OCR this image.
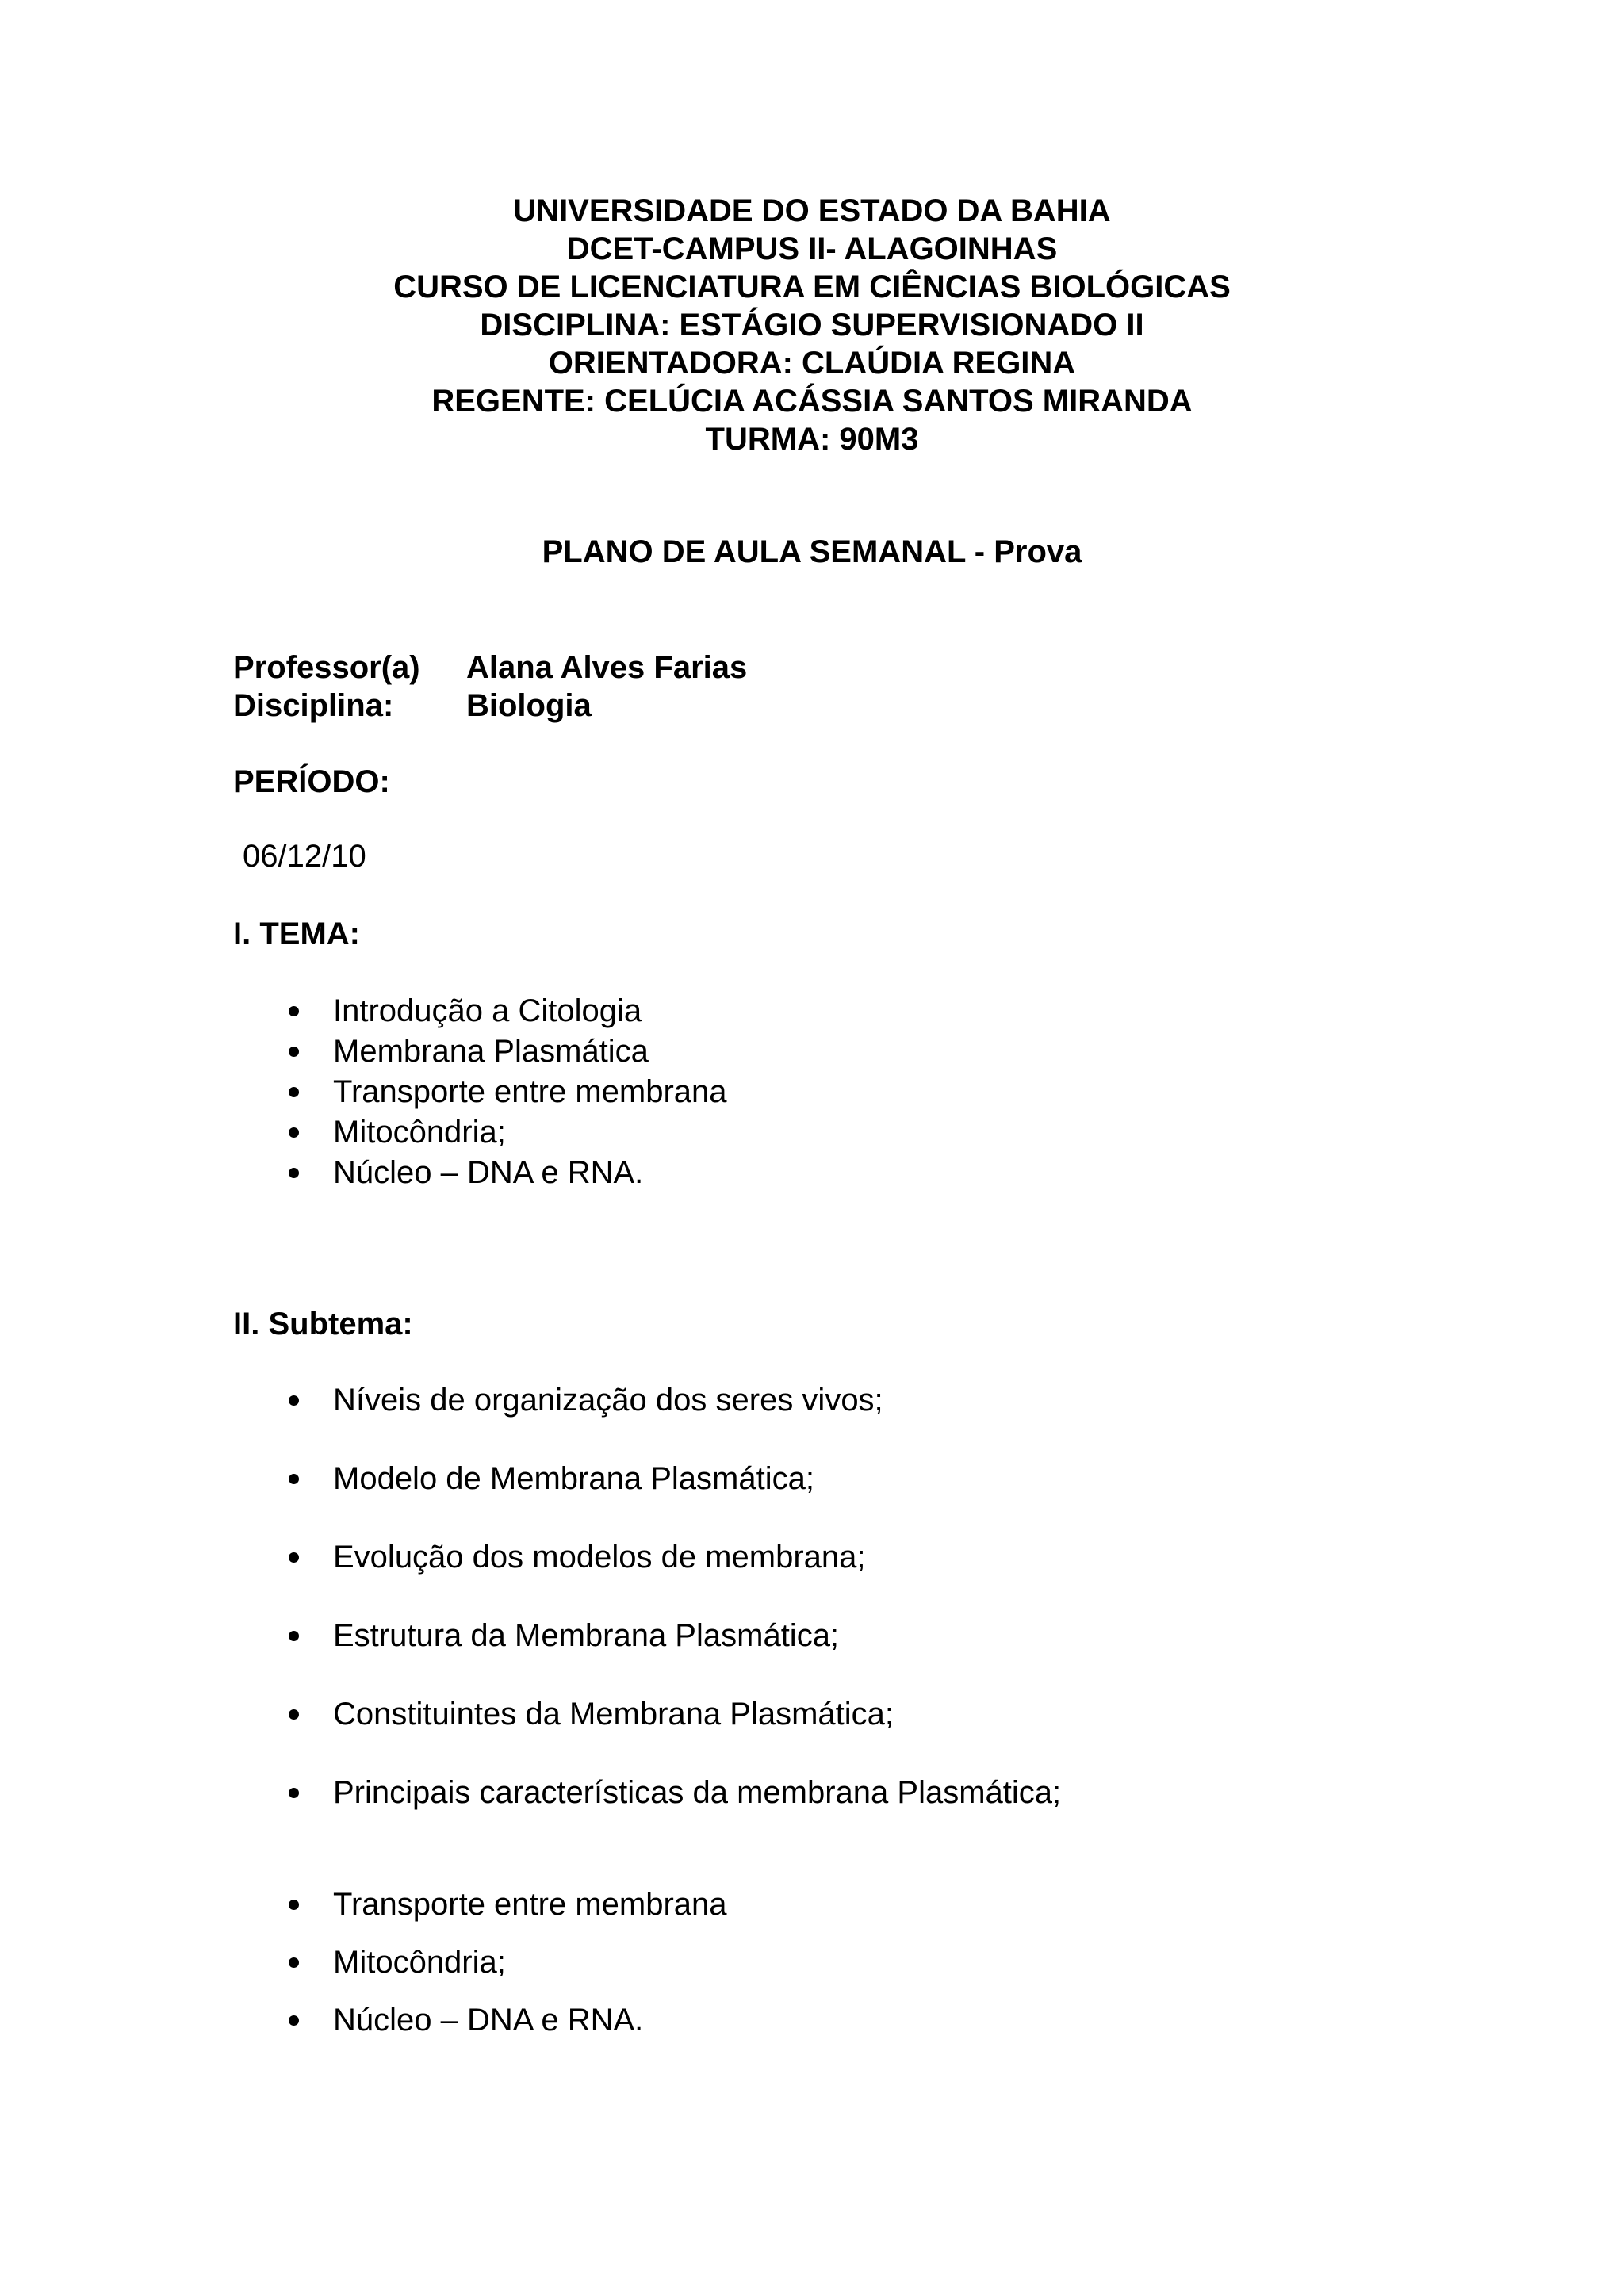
UNIVERSIDADE DO ESTADO DA BAHIA
DCET-CAMPUS II- ALAGOINHAS
CURSO DE LICENCIATURA EM CIÊNCIAS BIOLÓGICAS
DISCIPLINA: ESTÁGIO SUPERVISIONADO II
ORIENTADORA: CLAÚDIA REGINA
REGENTE: CELÚCIA ACÁSSIA SANTOS MIRANDA
TURMA: 90M3
PLANO DE AULA SEMANAL - Prova
Professor(a) Alana Alves Farias
Disciplina: Biologia
PERÍODO:
06/12/10
I. TEMA:
Introdução a Citologia
Membrana Plasmática
Transporte entre membrana
Mitocôndria;
Núcleo – DNA e RNA.
II. Subtema:
Níveis de organização dos seres vivos;
Modelo de Membrana Plasmática;
Evolução dos modelos de membrana;
Estrutura da Membrana Plasmática;
Constituintes da Membrana Plasmática;
Principais características da membrana Plasmática;
Transporte entre membrana
Mitocôndria;
Núcleo – DNA e RNA.
